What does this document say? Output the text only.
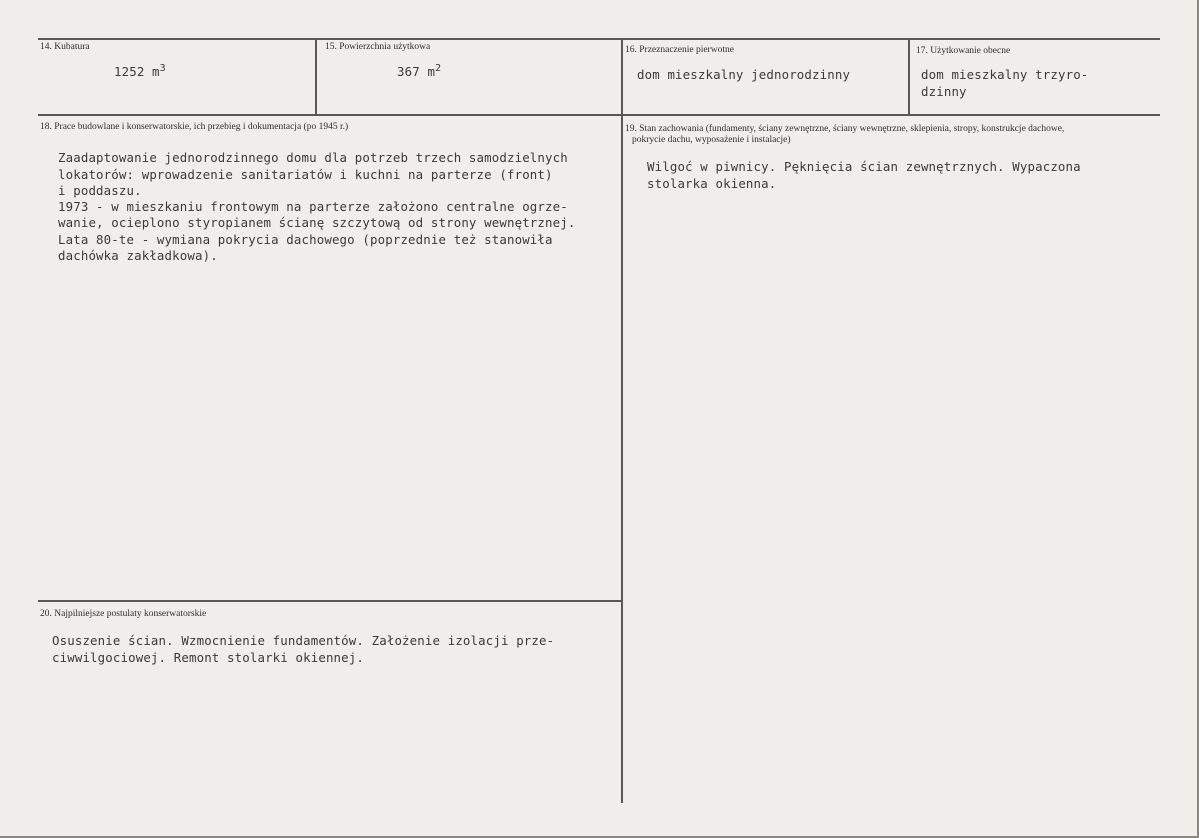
14. Kubatura
1252 $m^3$
15. Powierzchnia użytkowa
367 $m^2$
16. Przeznaczenie pierwotne
dom mieszkalny jednorodzinny
17. Użytkowanie obecne
dom mieszkalny trzyro-
dzinny
18. Prace budowlane i konserwatorskie, ich przebieg i dokumentacja (po 1945 r.)
Zaadaptowanie jednorodzinnego domu dla potrzeb trzech samodzielnych
lokatorów: wprowadzenie sanitariatów i kuchni na parterze (front)
i poddaszu.
1973 - w mieszkaniu frontowym na parterze założono centralne ogrze-
wanie, ocieplono styropianem ścianę szczytową od strony wewnętrznej.
Lata 80-te - wymiana pokrycia dachowego (poprzednie też stanowiła
dachówka zakładkowa).
19. Stan zachowania (fundamenty, ściany zewnętrzne, ściany wewnętrzne, sklepienia, stropy, konstrukcje dachowe,
pokrycie dachu, wyposażenie i instalacje)
Wilgoć w piwnicy. Pęknięcia ścian zewnętrznych. Wypaczona
stolarka okienna.
20. Najpilniejsze postulaty konserwatorskie
Osuszenie ścian. Wzmocnienie fundamentów. Założenie izolacji prze-
ciwwilgociowej. Remont stolarki okiennej.
